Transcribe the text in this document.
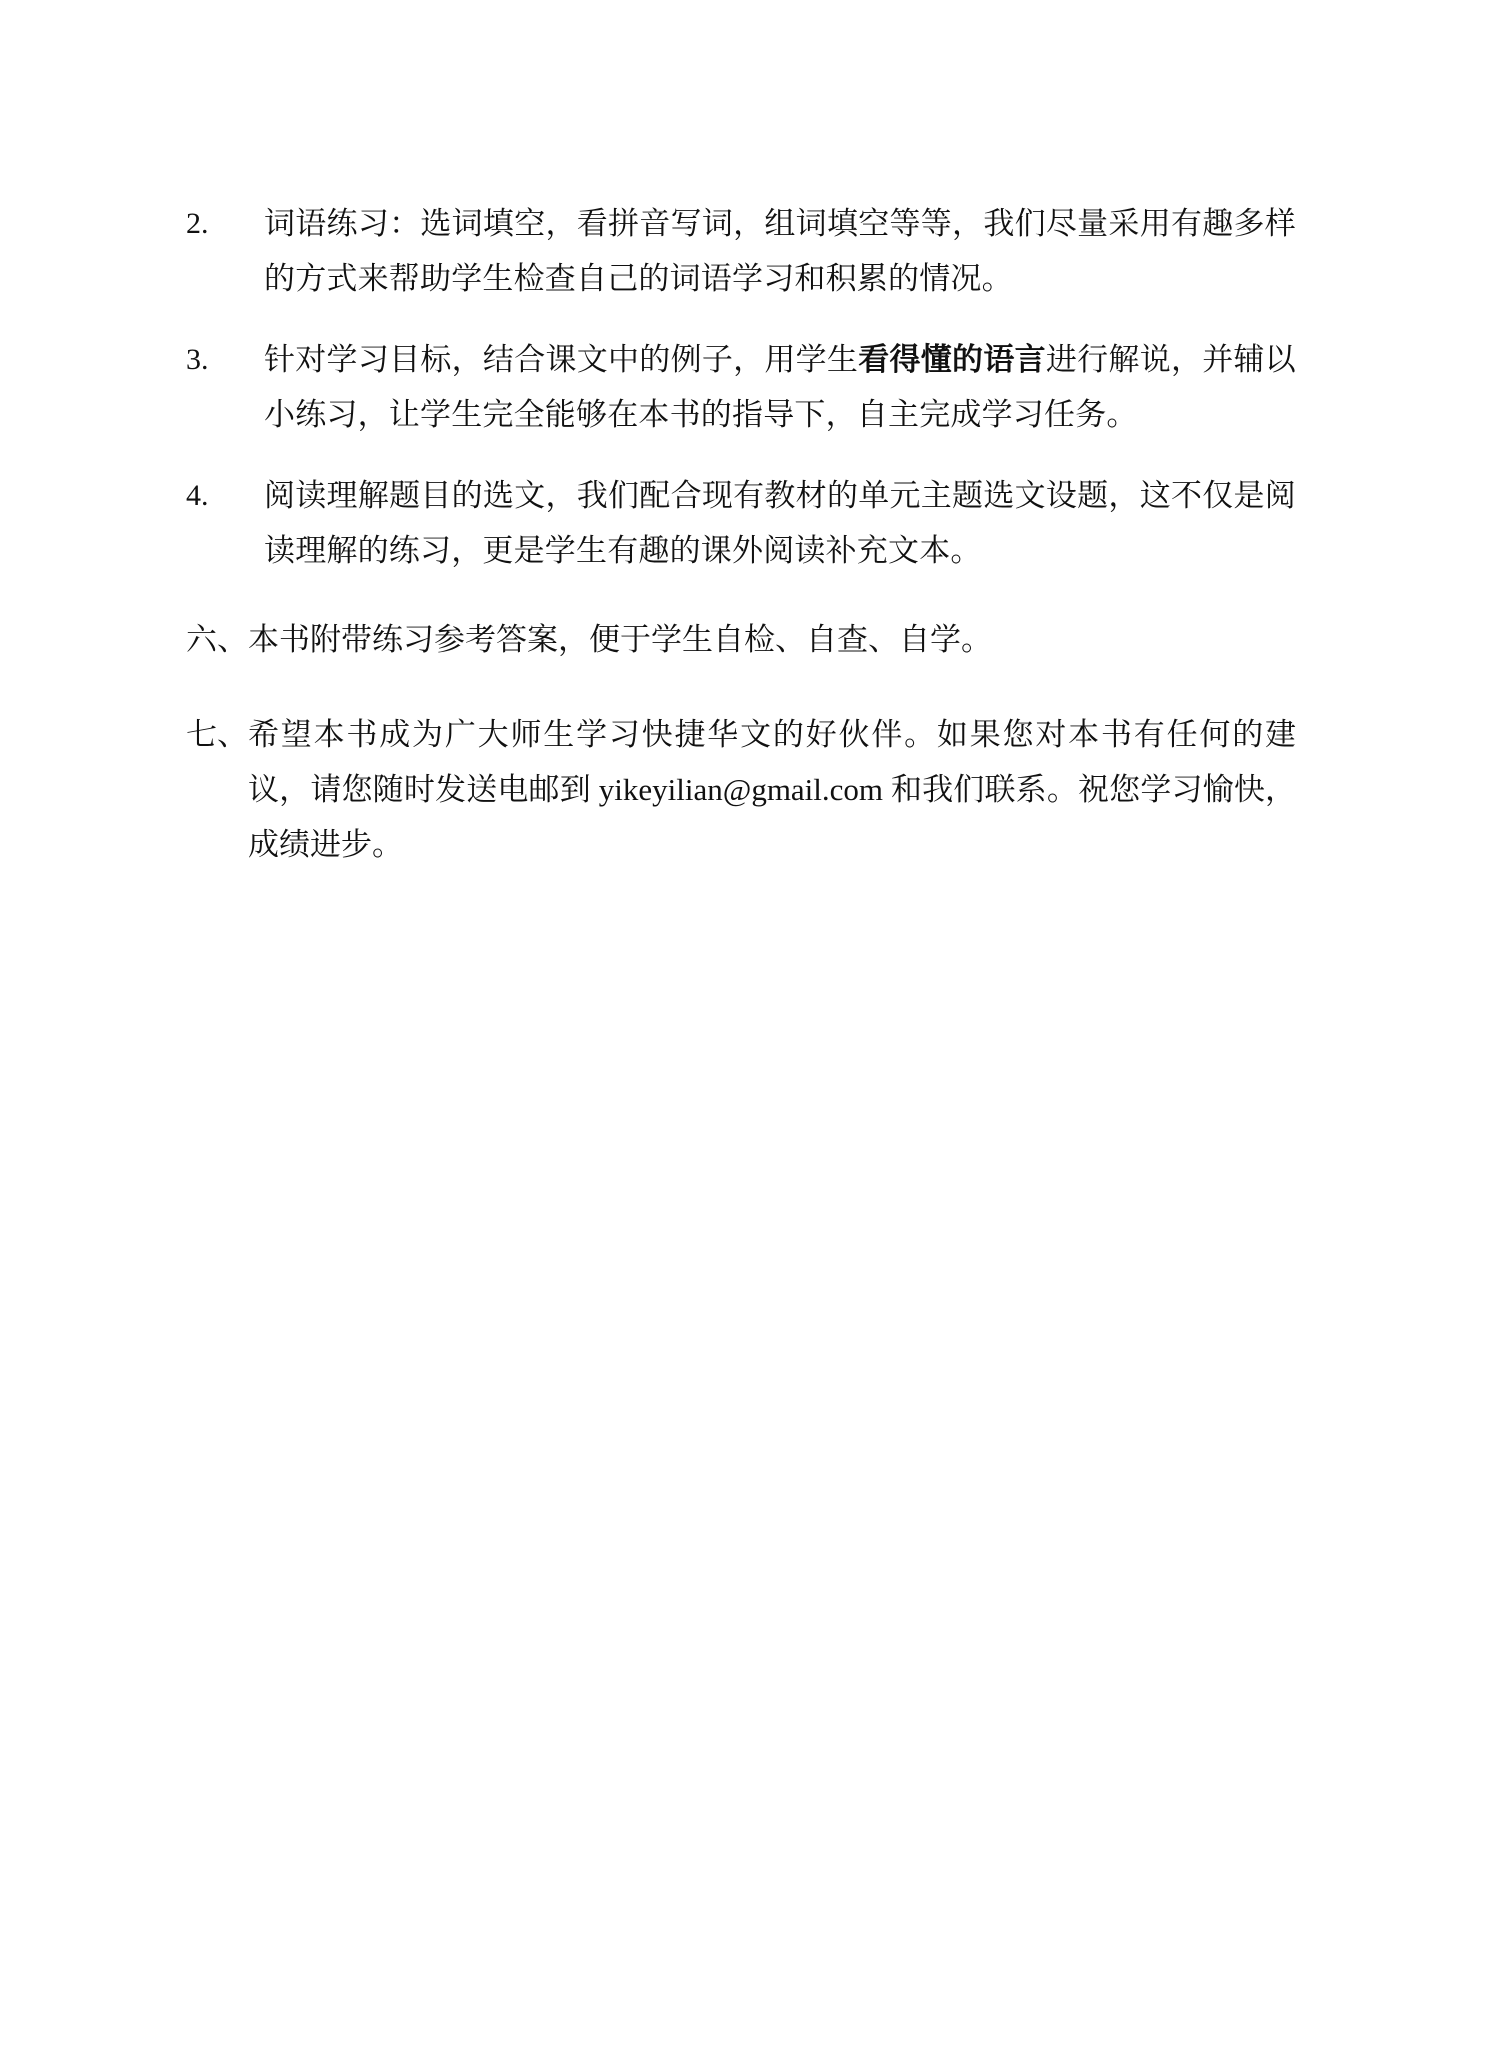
2.	词语练习：选词填空，看拼音写词，组词填空等等，我们尽量采用有趣多样的方式来帮助学生检查自己的词语学习和积累的情况。
3.	针对学习目标，结合课文中的例子，用学生看得懂的语言进行解说，并辅以小练习，让学生完全能够在本书的指导下，自主完成学习任务。
4.	阅读理解题目的选文，我们配合现有教材的单元主题选文设题，这不仅是阅读理解的练习，更是学生有趣的课外阅读补充文本。
六、 本书附带练习参考答案，便于学生自检、自查、自学。
七、 希望本书成为广大师生学习快捷华文的好伙伴。如果您对本书有任何的建议，请您随时发送电邮到 yikeyilian@gmail.com 和我们联系。祝您学习愉快，成绩进步。
